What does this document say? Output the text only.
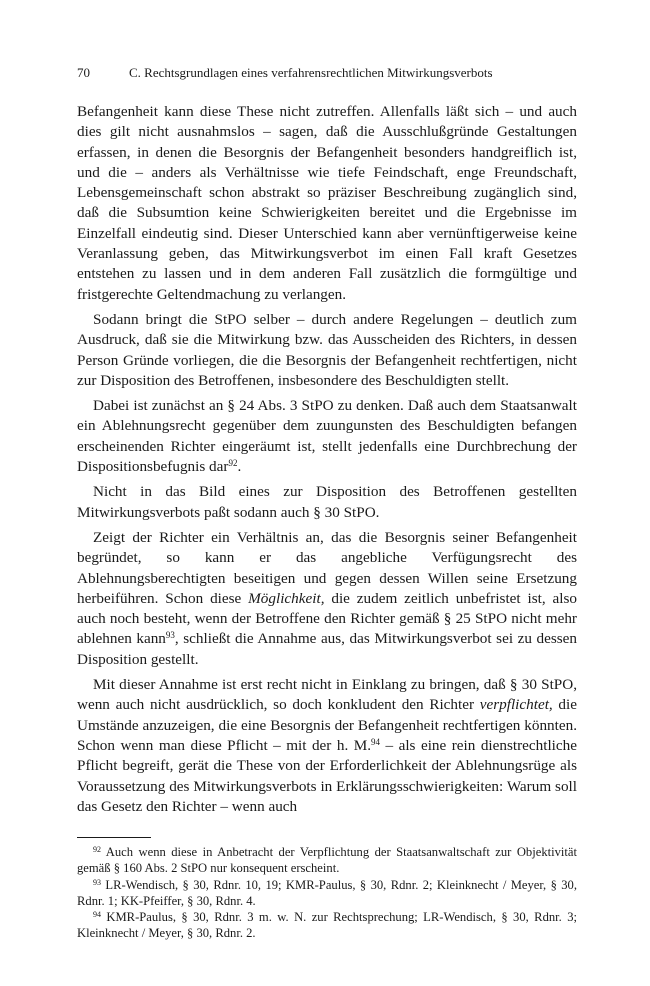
70	C. Rechtsgrundlagen eines verfahrensrechtlichen Mitwirkungsverbots

Befangenheit kann diese These nicht zutreffen. Allenfalls läßt sich – und auch dies gilt nicht ausnahmslos – sagen, daß die Ausschlußgründe Gestaltungen erfassen, in denen die Besorgnis der Befangenheit besonders handgreiflich ist, und die – anders als Verhältnisse wie tiefe Feindschaft, enge Freundschaft, Lebensgemeinschaft schon abstrakt so präziser Beschreibung zugänglich sind, daß die Subsumtion keine Schwierigkeiten bereitet und die Ergebnisse im Einzelfall eindeutig sind. Dieser Unterschied kann aber vernünftigerweise keine Veranlassung geben, das Mitwirkungsverbot im einen Fall kraft Gesetzes entstehen zu lassen und in dem anderen Fall zusätzlich die formgültige und fristgerechte Geltendmachung zu verlangen.

Sodann bringt die StPO selber – durch andere Regelungen – deutlich zum Ausdruck, daß sie die Mitwirkung bzw. das Ausscheiden des Richters, in dessen Person Gründe vorliegen, die die Besorgnis der Befangenheit rechtfertigen, nicht zur Disposition des Betroffenen, insbesondere des Beschuldigten stellt.

Dabei ist zunächst an § 24 Abs. 3 StPO zu denken. Daß auch dem Staatsanwalt ein Ablehnungsrecht gegenüber dem zuungunsten des Beschuldigten befangen erscheinenden Richter eingeräumt ist, stellt jedenfalls eine Durchbrechung der Dispositionsbefugnis dar$^{92}$.

Nicht in das Bild eines zur Disposition des Betroffenen gestellten Mitwirkungsverbots paßt sodann auch § 30 StPO.

Zeigt der Richter ein Verhältnis an, das die Besorgnis seiner Befangenheit begründet, so kann er das angebliche Verfügungsrecht des Ablehnungsberechtigten beseitigen und gegen dessen Willen seine Ersetzung herbeiführen. Schon diese Möglichkeit, die zudem zeitlich unbefristet ist, also auch noch besteht, wenn der Betroffene den Richter gemäß § 25 StPO nicht mehr ablehnen kann$^{93}$, schließt die Annahme aus, das Mitwirkungsverbot sei zu dessen Disposition gestellt.

Mit dieser Annahme ist erst recht nicht in Einklang zu bringen, daß § 30 StPO, wenn auch nicht ausdrücklich, so doch konkludent den Richter verpflichtet, die Umstände anzuzeigen, die eine Besorgnis der Befangenheit rechtfertigen könnten. Schon wenn man diese Pflicht – mit der h. M.$^{94}$ – als eine rein dienstrechtliche Pflicht begreift, gerät die These von der Erforderlichkeit der Ablehnungsrüge als Voraussetzung des Mitwirkungsverbots in Erklärungsschwierigkeiten: Warum soll das Gesetz den Richter – wenn auch

$^{92}$ Auch wenn diese in Anbetracht der Verpflichtung der Staatsanwaltschaft zur Objektivität gemäß § 160 Abs. 2 StPO nur konsequent erscheint.

$^{93}$ LR-Wendisch, § 30, Rdnr. 10, 19; KMR-Paulus, § 30, Rdnr. 2; Kleinknecht / Meyer, § 30, Rdnr. 1; KK-Pfeiffer, § 30, Rdnr. 4.

$^{94}$ KMR-Paulus, § 30, Rdnr. 3 m. w. N. zur Rechtsprechung; LR-Wendisch, § 30, Rdnr. 3; Kleinknecht / Meyer, § 30, Rdnr. 2.
